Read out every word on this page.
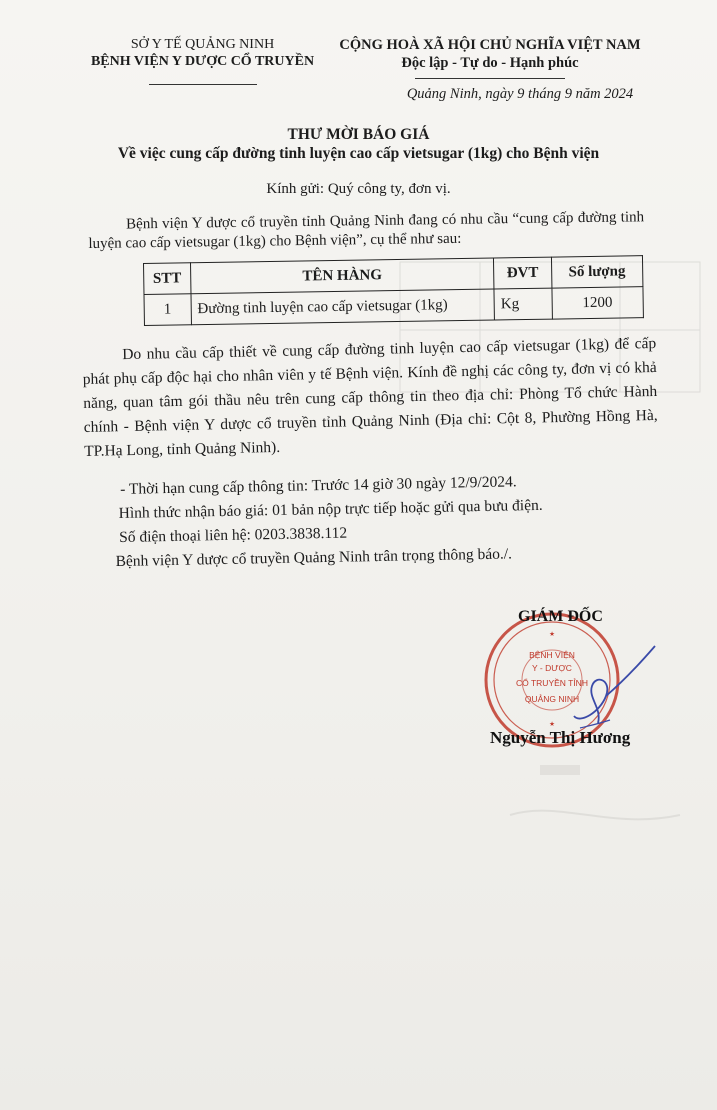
SỞ Y TẾ QUẢNG NINH
BỆNH VIỆN Y DƯỢC CỔ TRUYỀN
CỘNG HOÀ XÃ HỘI CHỦ NGHĨA VIỆT NAM
Độc lập - Tự do - Hạnh phúc
Quảng Ninh, ngày 9 tháng 9 năm 2024
THƯ MỜI BÁO GIÁ
Về việc cung cấp đường tinh luyện cao cấp vietsugar (1kg) cho Bệnh viện
Kính gửi: Quý công ty, đơn vị.
Bệnh viện Y dược cổ truyền tỉnh Quảng Ninh đang có nhu cầu “cung cấp đường tinh luyện cao cấp vietsugar (1kg) cho Bệnh viện”, cụ thể như sau:
STT	TÊN HÀNG	ĐVT	Số lượng
1	Đường tinh luyện cao cấp vietsugar (1kg)	Kg	1200
Do nhu cầu cấp thiết về cung cấp đường tinh luyện cao cấp vietsugar (1kg) để cấp phát phụ cấp độc hại cho nhân viên y tế Bệnh viện. Kính đề nghị các công ty, đơn vị có khả năng, quan tâm gói thầu nêu trên cung cấp thông tin theo địa chỉ: Phòng Tổ chức Hành chính - Bệnh viện Y dược cổ truyền tỉnh Quảng Ninh (Địa chỉ: Cột 8, Phường Hồng Hà, TP.Hạ Long, tỉnh Quảng Ninh).
- Thời hạn cung cấp thông tin: Trước 14 giờ 30 ngày 12/9/2024.
Hình thức nhận báo giá: 01 bản nộp trực tiếp hoặc gửi qua bưu điện.
Số điện thoại liên hệ: 0203.3838.112
Bệnh viện Y dược cổ truyền Quảng Ninh trân trọng thông báo./.
★
★
BỆNH VIỆN
Y - DƯỢC
CỔ TRUYỀN TỈNH
QUẢNG NINH
GIÁM ĐỐC
Nguyễn Thị Hương
